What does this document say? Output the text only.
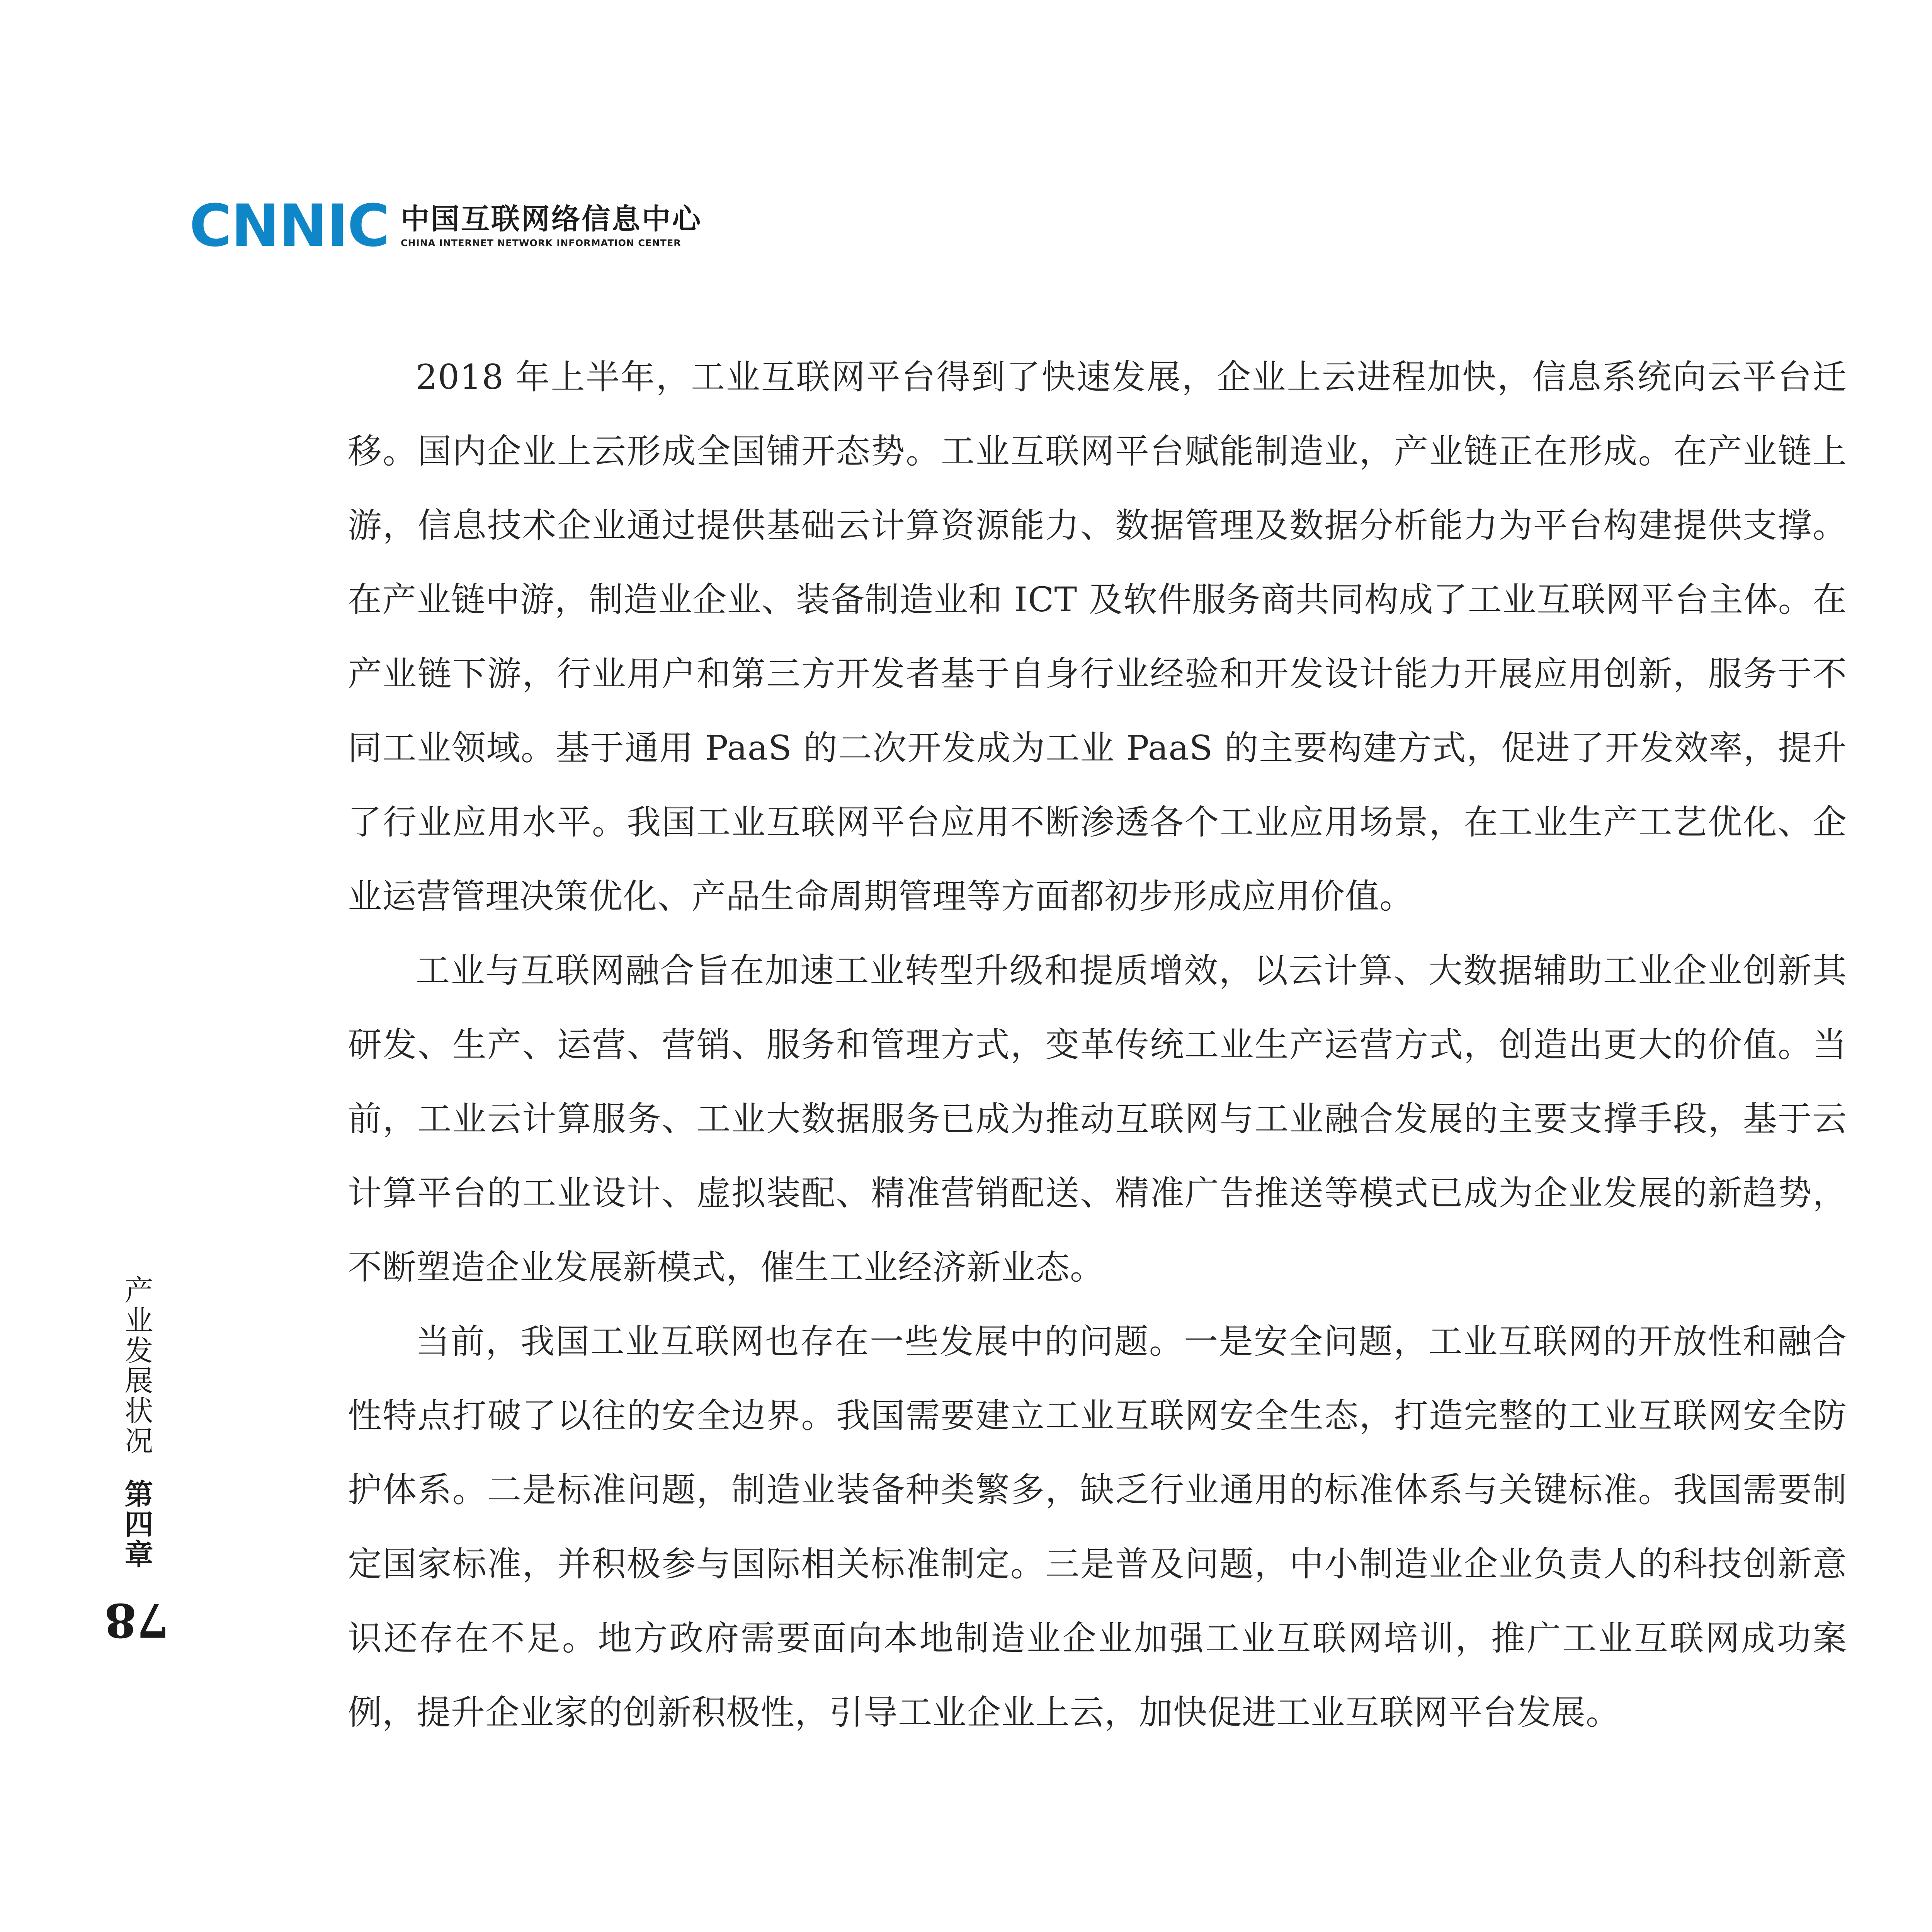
CNNIC 中国互联网络信息中心
CHINA INTERNET NETWORK INFORMATION CENTER
产业发展状况
第四章
78

2018 年上半年，工业互联网平台得到了快速发展，企业上云进程加快，信息系统向云平台迁移。国内企业上云形成全国铺开态势。工业互联网平台赋能制造业，产业链正在形成。在产业链上游，信息技术企业通过提供基础云计算资源能力、数据管理及数据分析能力为平台构建提供支撑。在产业链中游，制造业企业、装备制造业和 ICT 及软件服务商共同构成了工业互联网平台主体。在产业链下游，行业用户和第三方开发者基于自身行业经验和开发设计能力开展应用创新，服务于不同工业领域。基于通用 PaaS 的二次开发成为工业 PaaS 的主要构建方式，促进了开发效率，提升了行业应用水平。我国工业互联网平台应用不断渗透各个工业应用场景，在工业生产工艺优化、企业运营管理决策优化、产品生命周期管理等方面都初步形成应用价值。

工业与互联网融合旨在加速工业转型升级和提质增效，以云计算、大数据辅助工业企业创新其研发、生产、运营、营销、服务和管理方式，变革传统工业生产运营方式，创造出更大的价值。当前，工业云计算服务、工业大数据服务已成为推动互联网与工业融合发展的主要支撑手段，基于云计算平台的工业设计、虚拟装配、精准营销配送、精准广告推送等模式已成为企业发展的新趋势，不断塑造企业发展新模式，催生工业经济新业态。

当前，我国工业互联网也存在一些发展中的问题。一是安全问题，工业互联网的开放性和融合性特点打破了以往的安全边界。我国需要建立工业互联网安全生态，打造完整的工业互联网安全防护体系。二是标准问题，制造业装备种类繁多，缺乏行业通用的标准体系与关键标准。我国需要制定国家标准，并积极参与国际相关标准制定。三是普及问题，中小制造业企业负责人的科技创新意识还存在不足。地方政府需要面向本地制造业企业加强工业互联网培训，推广工业互联网成功案例，提升企业家的创新积极性，引导工业企业上云，加快促进工业互联网平台发展。
